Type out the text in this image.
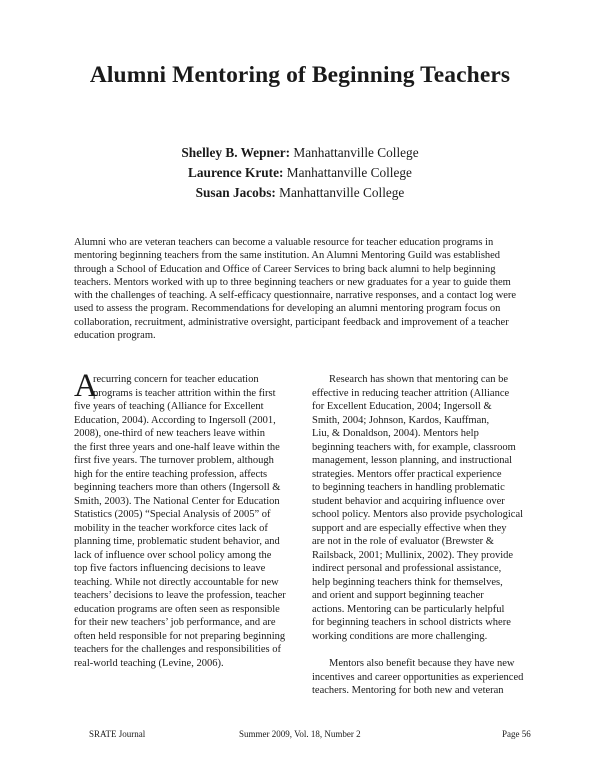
Alumni Mentoring of Beginning Teachers
Shelley B. Wepner: Manhattanville College
Laurence Krute: Manhattanville College
Susan Jacobs: Manhattanville College

Alumni who are veteran teachers can become a valuable resource for teacher education programs in
mentoring beginning teachers from the same institution. An Alumni Mentoring Guild was established
through a School of Education and Office of Career Services to bring back alumni to help beginning
teachers. Mentors worked with up to three beginning teachers or new graduates for a year to guide them
with the challenges of teaching. A self-efficacy questionnaire, narrative responses, and a contact log were
used to assess the program. Recommendations for developing an alumni mentoring program focus on
collaboration, recruitment, administrative oversight, participant feedback and improvement of a teacher
education program.

A
recurring concern for teacher education
programs is teacher attrition within the first
five years of teaching (Alliance for Excellent
Education, 2004). According to Ingersoll (2001,
2008), one-third of new teachers leave within
the first three years and one-half leave within the
first five years. The turnover problem, although
high for the entire teaching profession, affects
beginning teachers more than others (Ingersoll &
Smith, 2003). The National Center for Education
Statistics (2005) “Special Analysis of 2005” of
mobility in the teacher workforce cites lack of
planning time, problematic student behavior, and
lack of influence over school policy among the
top five factors influencing decisions to leave
teaching. While not directly accountable for new
teachers’ decisions to leave the profession, teacher
education programs are often seen as responsible
for their new teachers’ job performance, and are
often held responsible for not preparing beginning
teachers for the challenges and responsibilities of
real-world teaching (Levine, 2006).
Research has shown that mentoring can be
effective in reducing teacher attrition (Alliance
for Excellent Education, 2004; Ingersoll &
Smith, 2004; Johnson, Kardos, Kauffman,
Liu, & Donaldson, 2004). Mentors help
beginning teachers with, for example, classroom
management, lesson planning, and instructional
strategies. Mentors offer practical experience
to beginning teachers in handling problematic
student behavior and acquiring influence over
school policy. Mentors also provide psychological
support and are especially effective when they
are not in the role of evaluator (Brewster &
Railsback, 2001; Mullinix, 2002). They provide
indirect personal and professional assistance,
help beginning teachers think for themselves,
and orient and support beginning teacher
actions. Mentoring can be particularly helpful
for beginning teachers in school districts where
working conditions are more challenging.
Mentors also benefit because they have new
incentives and career opportunities as experienced
teachers. Mentoring for both new and veteran
SRATE Journal	Summer 2009, Vol. 18, Number 2	Page 56
